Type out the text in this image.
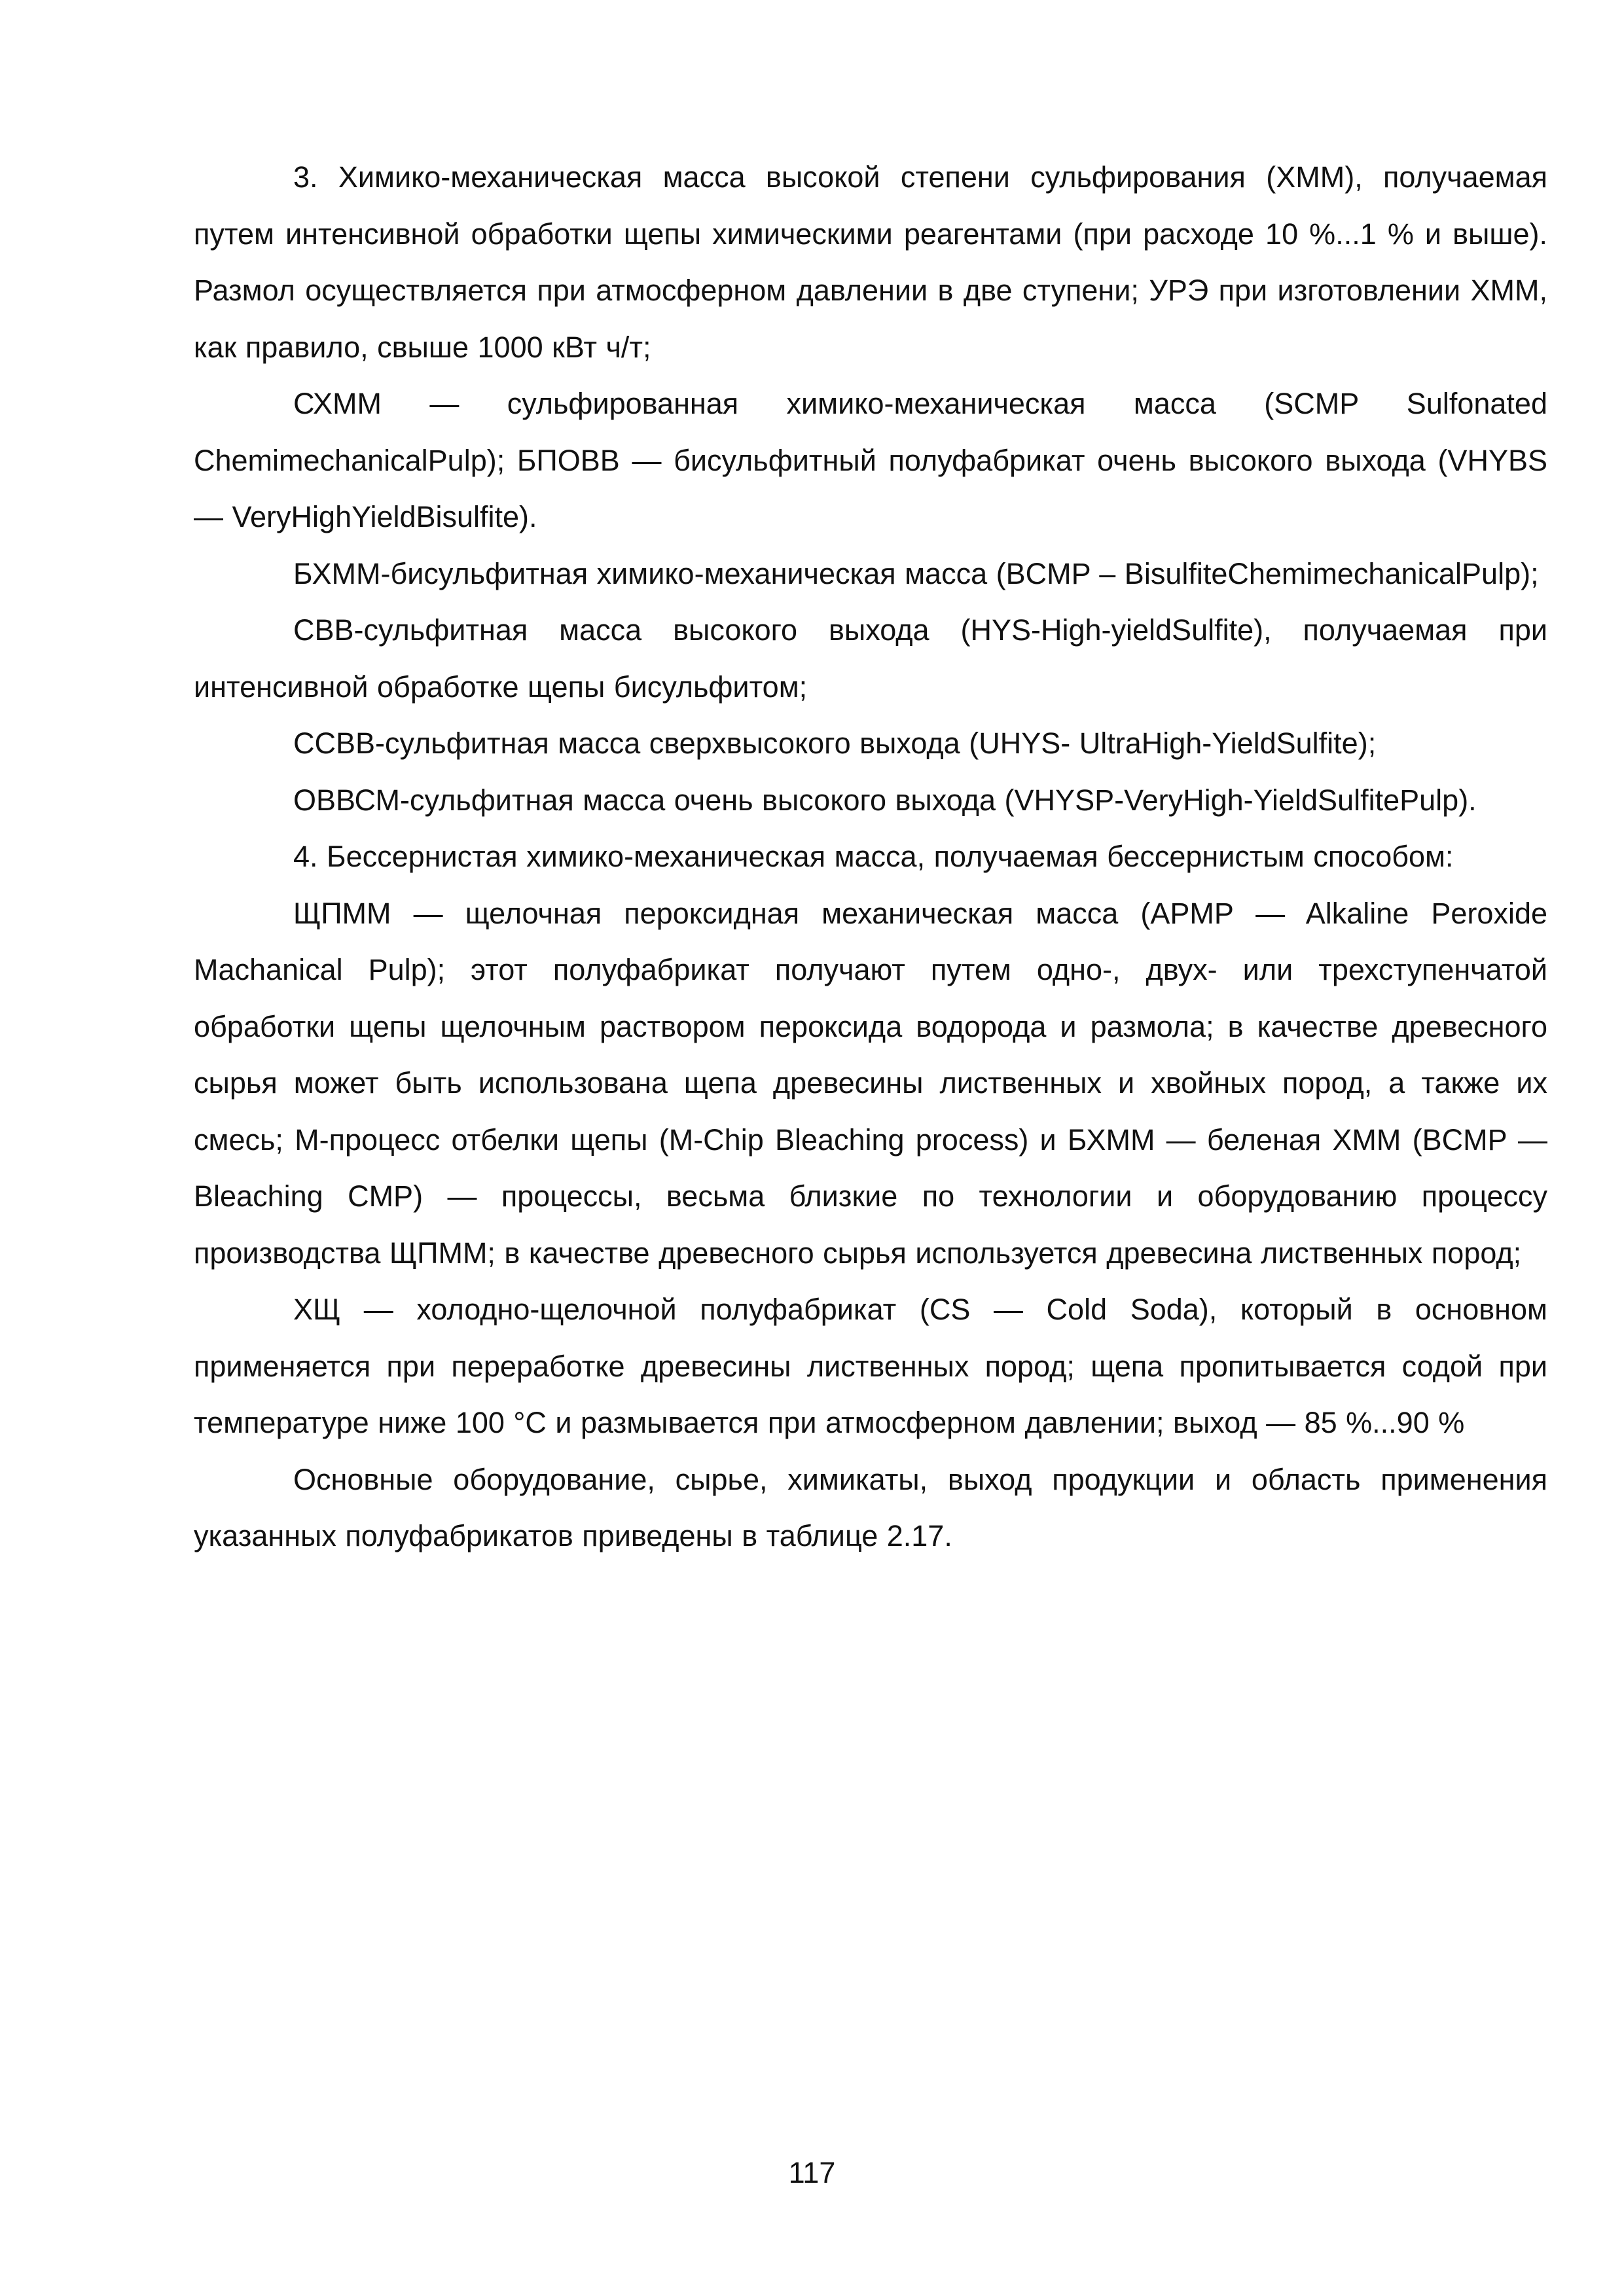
3. Химико-механическая масса высокой степени сульфирования (ХММ), получаемая путем интенсивной обработки щепы химическими реагентами (при расходе 10 %...1 % и выше). Размол осуществляется при атмосферном давлении в две ступени; УРЭ при изготовлении ХММ, как правило, свыше 1000 кВт ч/т;

СХММ — сульфированная химико-механическая масса (SCMP Sulfonated ChemimechanicalPulp); БПОВВ — бисульфитный полуфабрикат очень высокого выхода (VHYBS — VeryHighYieldBisulfite).

БХММ-бисульфитная химико-механическая масса (BCMP – BisulfiteChemimechanicalPulp);

СВВ-сульфитная масса высокого выхода (HYS-High-yieldSulfite), получаемая при интенсивной обработке щепы бисульфитом;

ССВВ-сульфитная масса сверхвысокого выхода (UHYS- UltraHigh-YieldSulfite);

ОВВСМ-сульфитная масса очень высокого выхода (VHYSP-VeryHigh-YieldSulfitePulp).

4. Бессернистая химико-механическая масса, получаемая бессернистым способом:

ЩПММ — щелочная пероксидная механическая масса (APMP — Alkaline Peroxide Machanical Pulp); этот полуфабрикат получают путем одно-, двух- или трехступенчатой обработки щепы щелочным раствором пероксида водорода и размола; в качестве древесного сырья может быть использована щепа древесины лиственных и хвойных пород, а также их смесь; М-процесс отбелки щепы (M-Chip Bleaching process) и БХММ — беленая ХММ (BCMP — Bleaching CMP) — процессы, весьма близкие по технологии и оборудованию процессу производства ЩПММ; в качестве древесного сырья используется древесина лиственных пород;

ХЩ — холодно-щелочной полуфабрикат (CS — Cold Soda), который в основном применяется при переработке древесины лиственных пород; щепа пропитывается содой при температуре ниже 100 °С и размывается при атмосферном давлении; выход — 85 %...90 %

Основные оборудование, сырье, химикаты, выход продукции и область применения указанных полуфабрикатов приведены в таблице 2.17.

117
